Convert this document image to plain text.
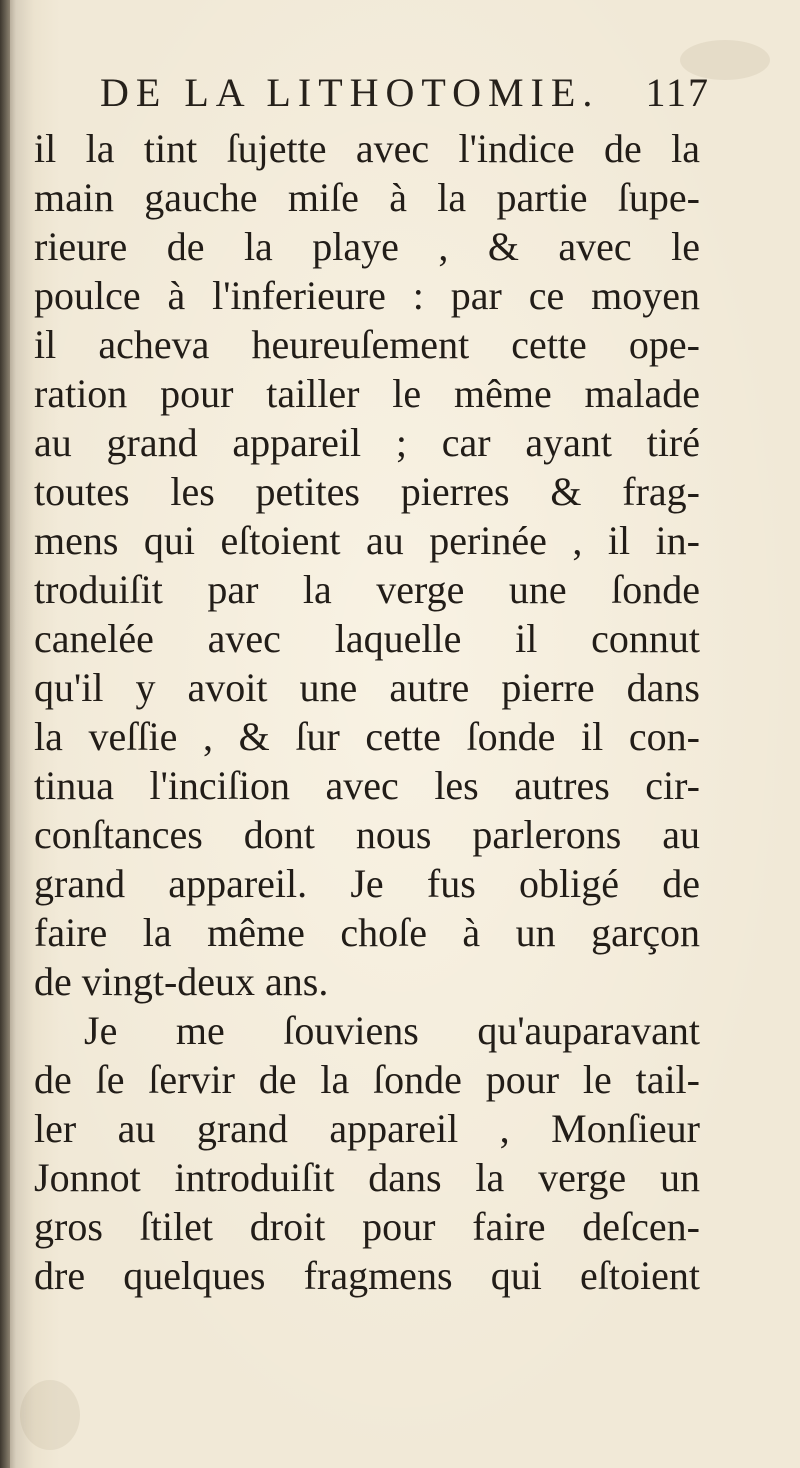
DE LA LITHOTOMIE. 117
il la tint ſujette avec l'indice de la
main gauche miſe à la partie ſupe-
rieure de la playe , & avec le
poulce à l'inferieure : par ce moyen
il acheva heureuſement cette ope-
ration pour tailler le même malade
au grand appareil ; car ayant tiré
toutes les petites pierres & frag-
mens qui eſtoient au perinée , il in-
troduiſit par la verge une ſonde
canelée avec laquelle il connut
qu'il y avoit une autre pierre dans
la veſſie , & ſur cette ſonde il con-
tinua l'inciſion avec les autres cir-
conſtances dont nous parlerons au
grand appareil. Je fus obligé de
faire la même choſe à un garçon
de vingt-deux ans.
Je me ſouviens qu'auparavant
de ſe ſervir de la ſonde pour le tail-
ler au grand appareil , Monſieur
Jonnot introduiſit dans la verge un
gros ſtilet droit pour faire deſcen-
dre quelques fragmens qui eſtoient
